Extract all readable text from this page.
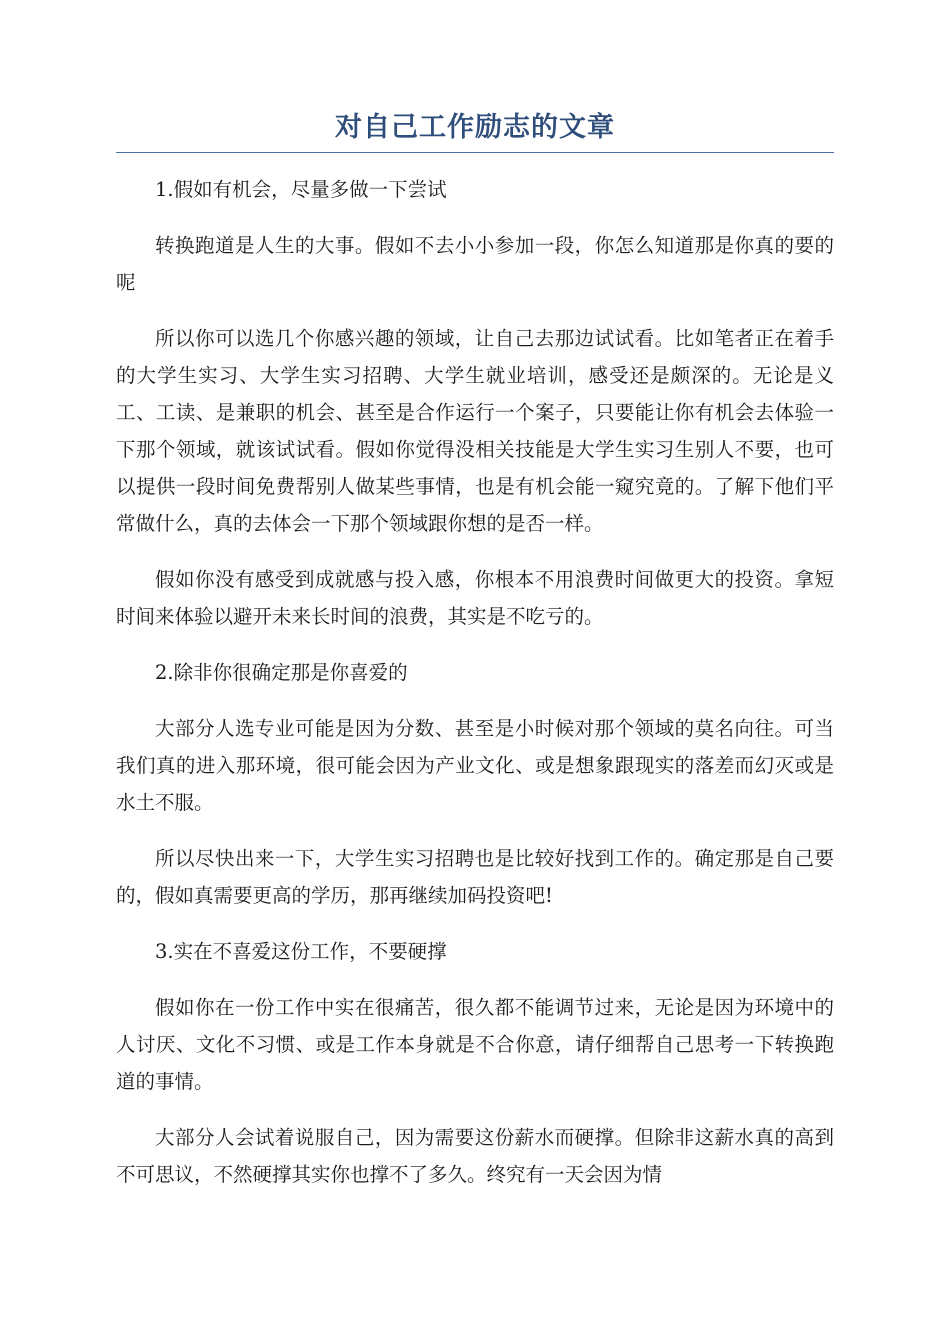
对自己工作励志的文章

1.假如有机会，尽量多做一下尝试

转换跑道是人生的大事。假如不去小小参加一段，你怎么知道那是你真的要的呢

所以你可以选几个你感兴趣的领域，让自己去那边试试看。比如笔者正在着手的大学生实习、大学生实习招聘、大学生就业培训，感受还是颇深的。无论是义工、工读、是兼职的机会、甚至是合作运行一个案子，只要能让你有机会去体验一下那个领域，就该试试看。假如你觉得没相关技能是大学生实习生别人不要，也可以提供一段时间免费帮别人做某些事情，也是有机会能一窥究竟的。了解下他们平常做什么，真的去体会一下那个领域跟你想的是否一样。

假如你没有感受到成就感与投入感，你根本不用浪费时间做更大的投资。拿短时间来体验以避开未来长时间的浪费，其实是不吃亏的。

2.除非你很确定那是你喜爱的

大部分人选专业可能是因为分数、甚至是小时候对那个领域的莫名向往。可当我们真的进入那环境，很可能会因为产业文化、或是想象跟现实的落差而幻灭或是水土不服。

所以尽快出来一下，大学生实习招聘也是比较好找到工作的。确定那是自己要的，假如真需要更高的学历，那再继续加码投资吧!

3.实在不喜爱这份工作，不要硬撑

假如你在一份工作中实在很痛苦，很久都不能调节过来，无论是因为环境中的人讨厌、文化不习惯、或是工作本身就是不合你意，请仔细帮自己思考一下转换跑道的事情。

大部分人会试着说服自己，因为需要这份薪水而硬撑。但除非这薪水真的高到不可思议，不然硬撑其实你也撑不了多久。终究有一天会因为情
